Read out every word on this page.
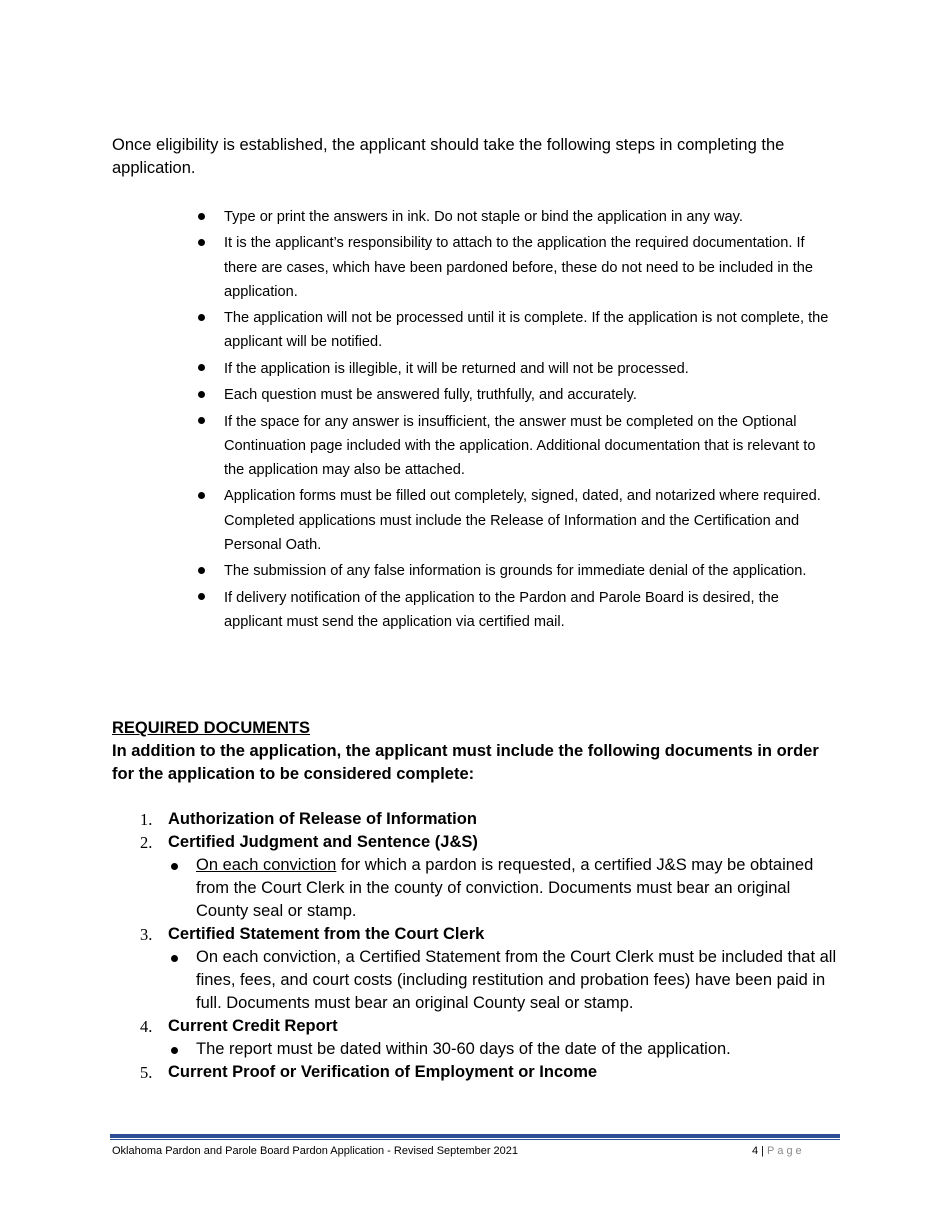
Once eligibility is established, the applicant should take the following steps in completing the application.

Type or print the answers in ink. Do not staple or bind the application in any way.
It is the applicant’s responsibility to attach to the application the required documentation. If there are cases, which have been pardoned before, these do not need to be included in the application.
The application will not be processed until it is complete. If the application is not complete, the applicant will be notified.
If the application is illegible, it will be returned and will not be processed.
Each question must be answered fully, truthfully, and accurately.
If the space for any answer is insufficient, the answer must be completed on the Optional Continuation page included with the application. Additional documentation that is relevant to the application may also be attached.
Application forms must be filled out completely, signed, dated, and notarized where required. Completed applications must include the Release of Information and the Certification and Personal Oath.
The submission of any false information is grounds for immediate denial of the application.
If delivery notification of the application to the Pardon and Parole Board is desired, the applicant must send the application via certified mail.
REQUIRED DOCUMENTS

In addition to the application, the applicant must include the following documents in order for the application to be considered complete:

1. Authorization of Release of Information
2. Certified Judgment and Sentence (J&S)
On each conviction for which a pardon is requested, a certified J&S may be obtained from the Court Clerk in the county of conviction. Documents must bear an original County seal or stamp.
3. Certified Statement from the Court Clerk
On each conviction, a Certified Statement from the Court Clerk must be included that all fines, fees, and court costs (including restitution and probation fees) have been paid in full. Documents must bear an original County seal or stamp.
4. Current Credit Report
The report must be dated within 30-60 days of the date of the application.
5. Current Proof or Verification of Employment or Income
Oklahoma Pardon and Parole Board Pardon Application - Revised September 2021	4 | Page
